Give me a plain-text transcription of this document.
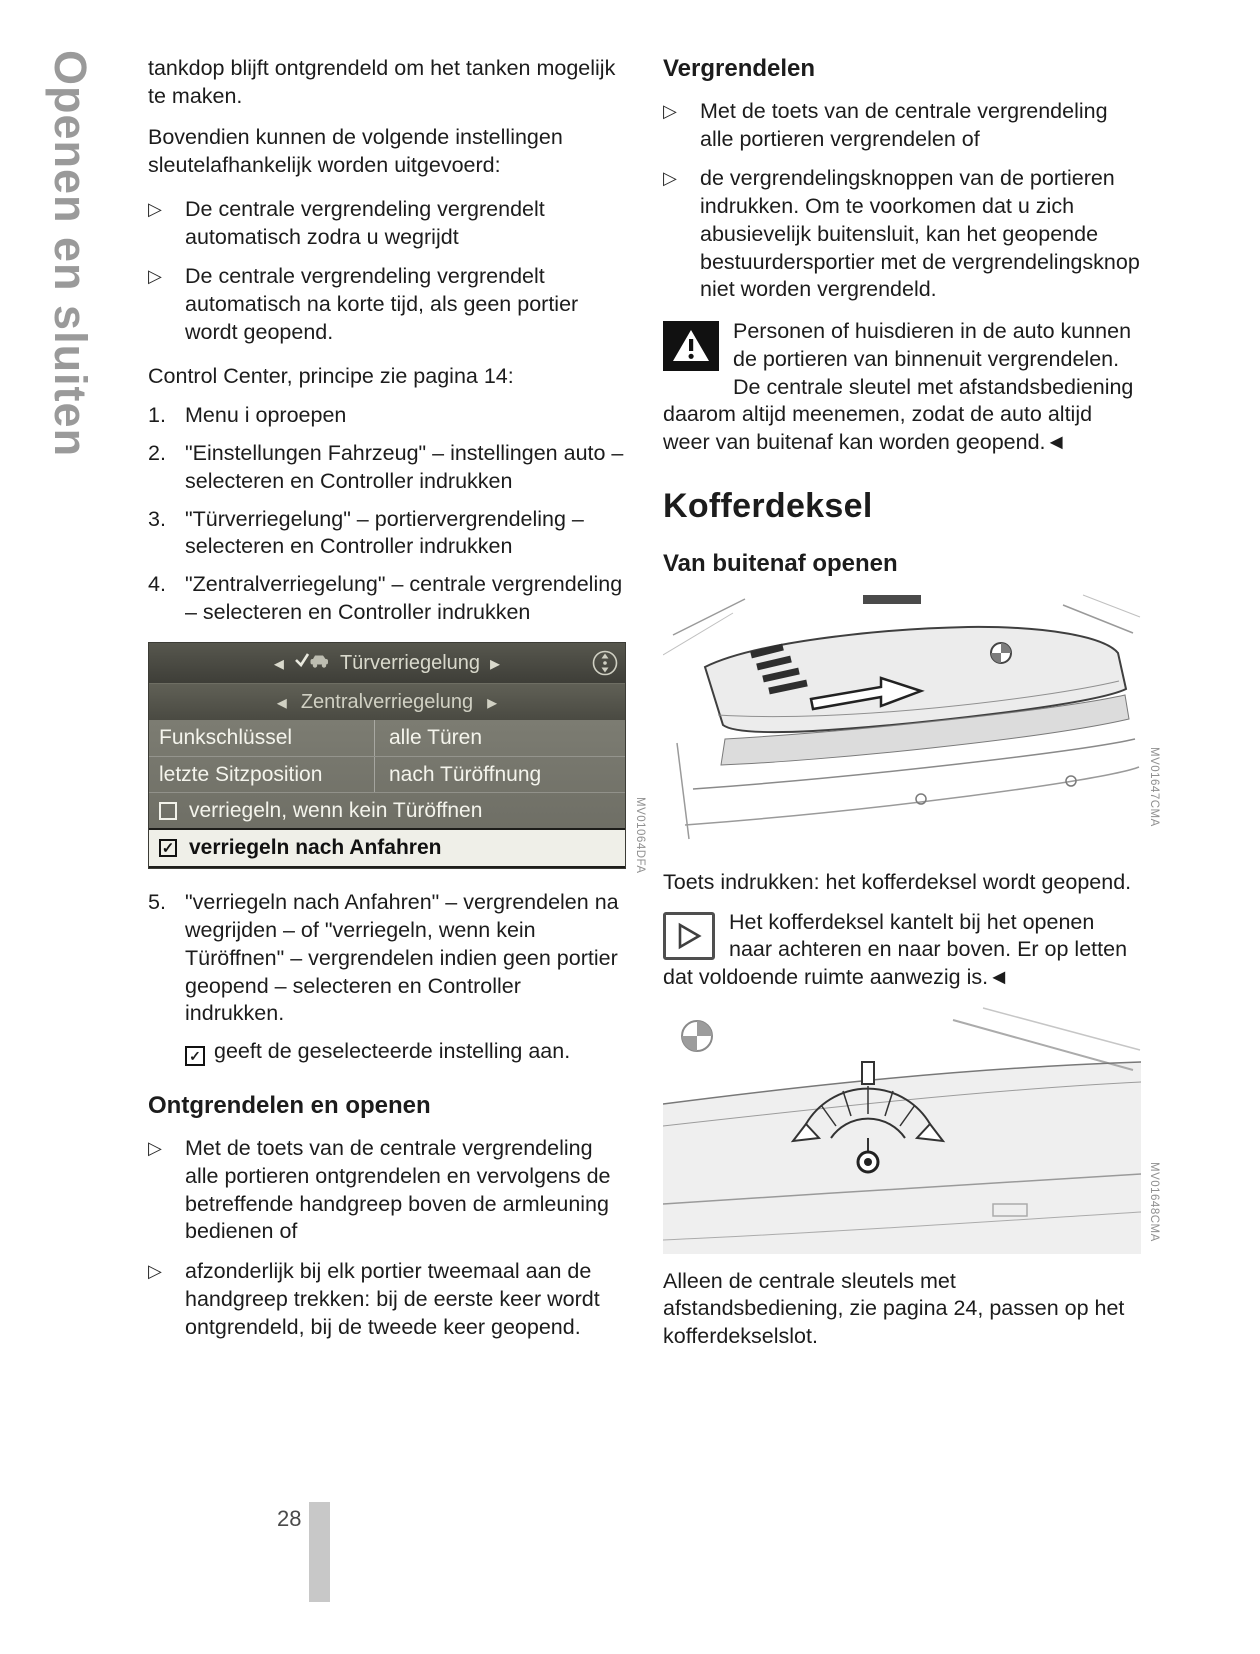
Openen en sluiten tankdop blijft ontgrendeld om het tanken mogelijk te maken.

Bovendien kunnen de volgende instellingen sleutelafhankelijk worden uitgevoerd:

▷	De centrale vergrendeling vergrendelt automatisch zodra u wegrijdt
▷	De centrale vergrendeling vergrendelt automatisch na korte tijd, als geen portier wordt geopend.

Control Center, principe zie pagina 14:

1. Menu i oproepen
2. "Einstellungen Fahrzeug" – instellingen auto – selecteren en Controller indrukken
3. "Türverriegelung" – portiervergrendeling – selecteren en Controller indrukken
4. "Zentralverriegelung" – centrale vergrendeling – selecteren en Controller indrukken
◂	Türverriegelung ▸
◂ Zentralverriegelung ▸
Funkschlüssel	alle Türen
letzte Sitzposition	nach Türöffnung
verriegeln, wenn kein Türöffnen
✓ verriegeln nach Anfahren	MV01064DFA
5. "verriegeln nach Anfahren" – vergrendelen na wegrijden – of "verriegeln, wenn kein Türöffnen" – vergrendelen indien geen portier geopend – selecteren en Controller indrukken.
✓ geeft de geselecteerde instelling aan.
Ontgrendelen en openen
▷	Met de toets van de centrale vergrendeling alle portieren ontgrendelen en vervolgens de betreffende handgreep boven de armleuning bedienen of
▷	afzonderlijk bij elk portier tweemaal aan de handgreep trekken: bij de eerste keer wordt ontgrendeld, bij de tweede keer geopend.
Vergrendelen
▷	Met de toets van de centrale vergrendeling alle portieren vergrendelen of
▷	de vergrendelingsknoppen van de portieren indrukken. Om te voorkomen dat u zich abusievelijk buitensluit, kan het geopende bestuurdersportier met de vergrendelingsknop niet worden vergrendeld.
Personen of huisdieren in de auto kunnen de portieren van binnenuit vergrendelen. De centrale sleutel met afstandsbediening daarom altijd meenemen, zodat de auto altijd weer van buitenaf kan worden geopend.◄
Kofferdeksel
Van buitenaf openen
MV01647CMA

Toets indrukken: het kofferdeksel wordt geopend.

Het kofferdeksel kantelt bij het openen naar achteren en naar boven. Er op letten dat voldoende ruimte aanwezig is.◄
MV01648CMA

Alleen de centrale sleutels met afstandsbediening, zie pagina 24, passen op het kofferdekselslot.

28
